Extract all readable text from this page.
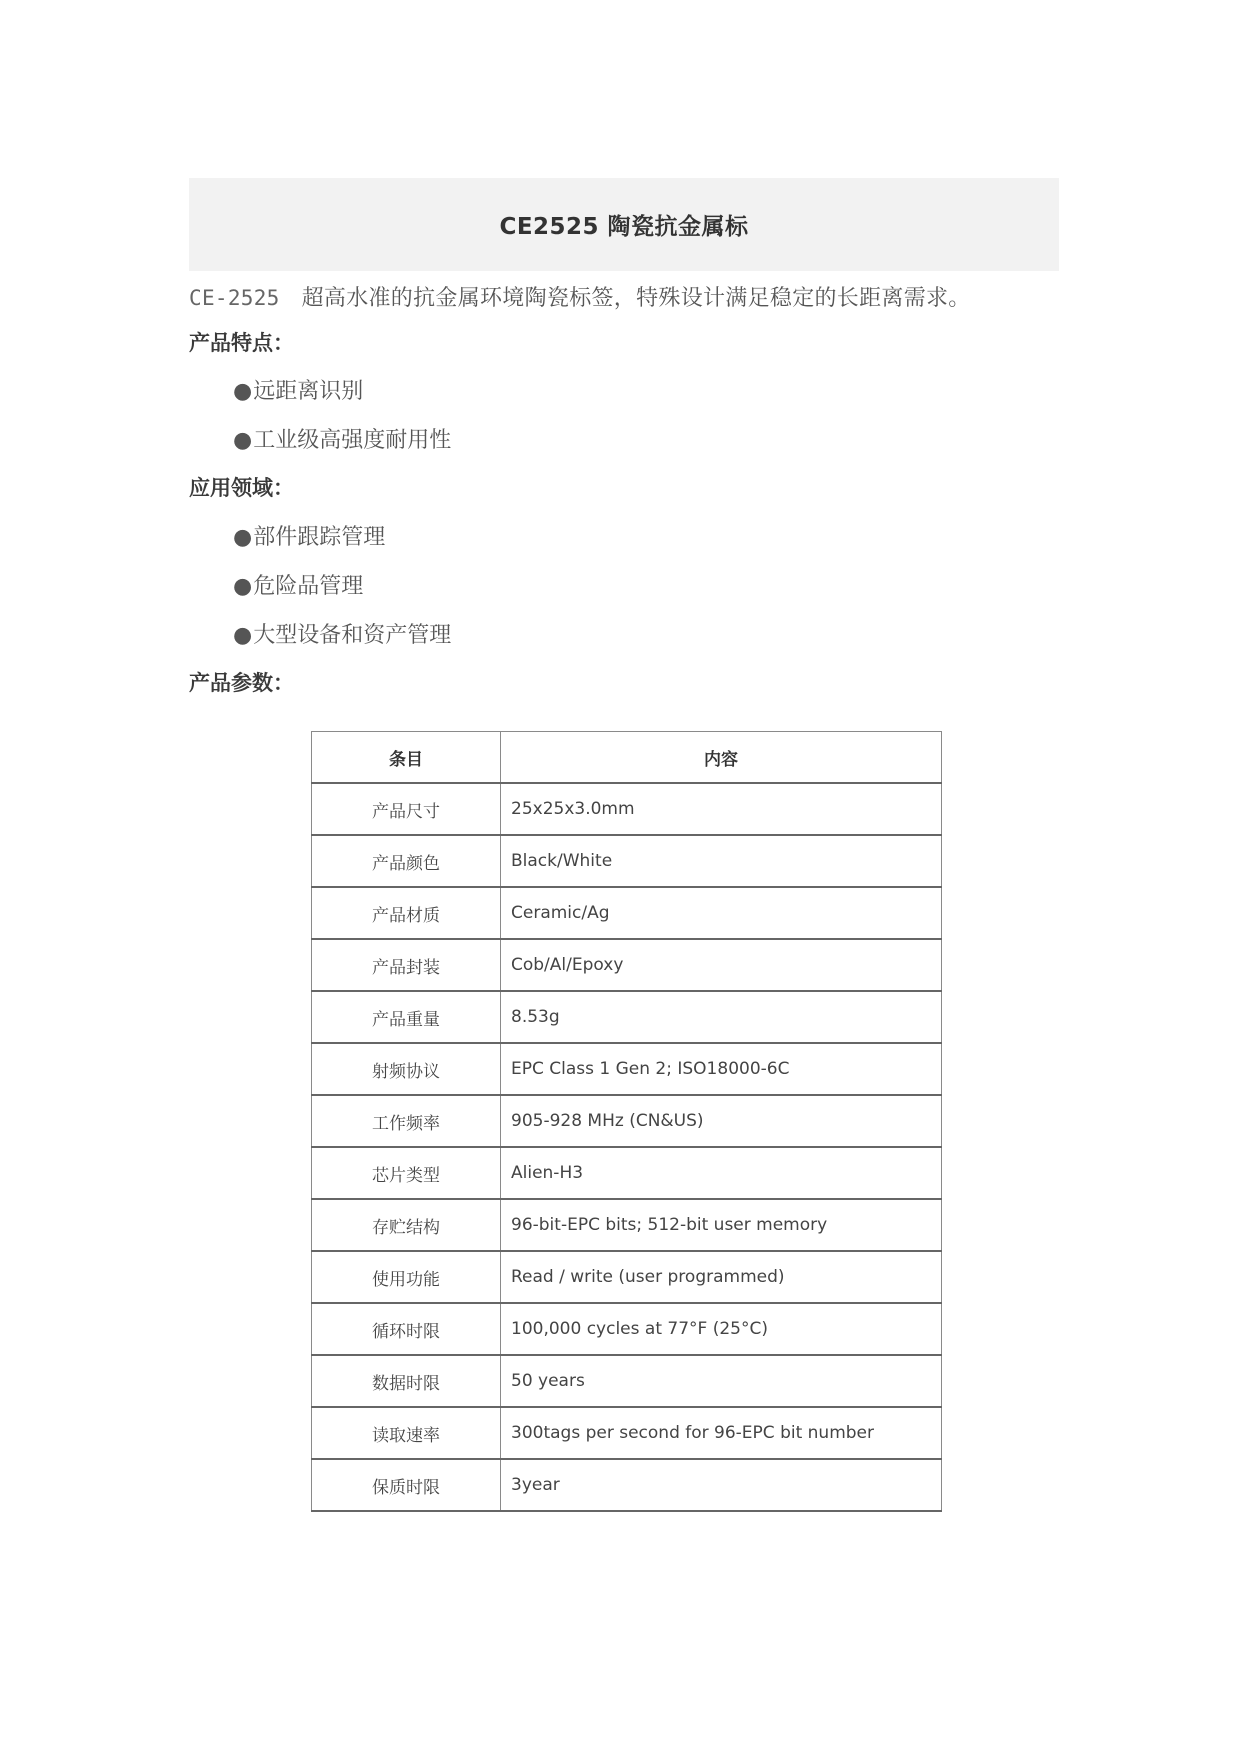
CE2525 陶瓷抗金属标
CE-2525 超高水准的抗金属环境陶瓷标签，特殊设计满足稳定的长距离需求。
产品特点：
●远距离识别
●工业级高强度耐用性
应用领域：
●部件跟踪管理
●危险品管理
●大型设备和资产管理
产品参数：
条目	内容
产品尺寸	25x25x3.0mm
产品颜色	Black/White
产品材质	Ceramic/Ag
产品封装	Cob/Al/Epoxy
产品重量	8.53g
射频协议	EPC Class 1 Gen 2; ISO18000-6C
工作频率	905-928 MHz (CN&US)
芯片类型	Alien-H3
存贮结构	96-bit-EPC bits; 512-bit user memory
使用功能	Read / write (user programmed)
循环时限	100,000 cycles at 77°F (25°C)
数据时限	50 years
读取速率	300tags per second for 96-EPC bit number
保质时限	3year
